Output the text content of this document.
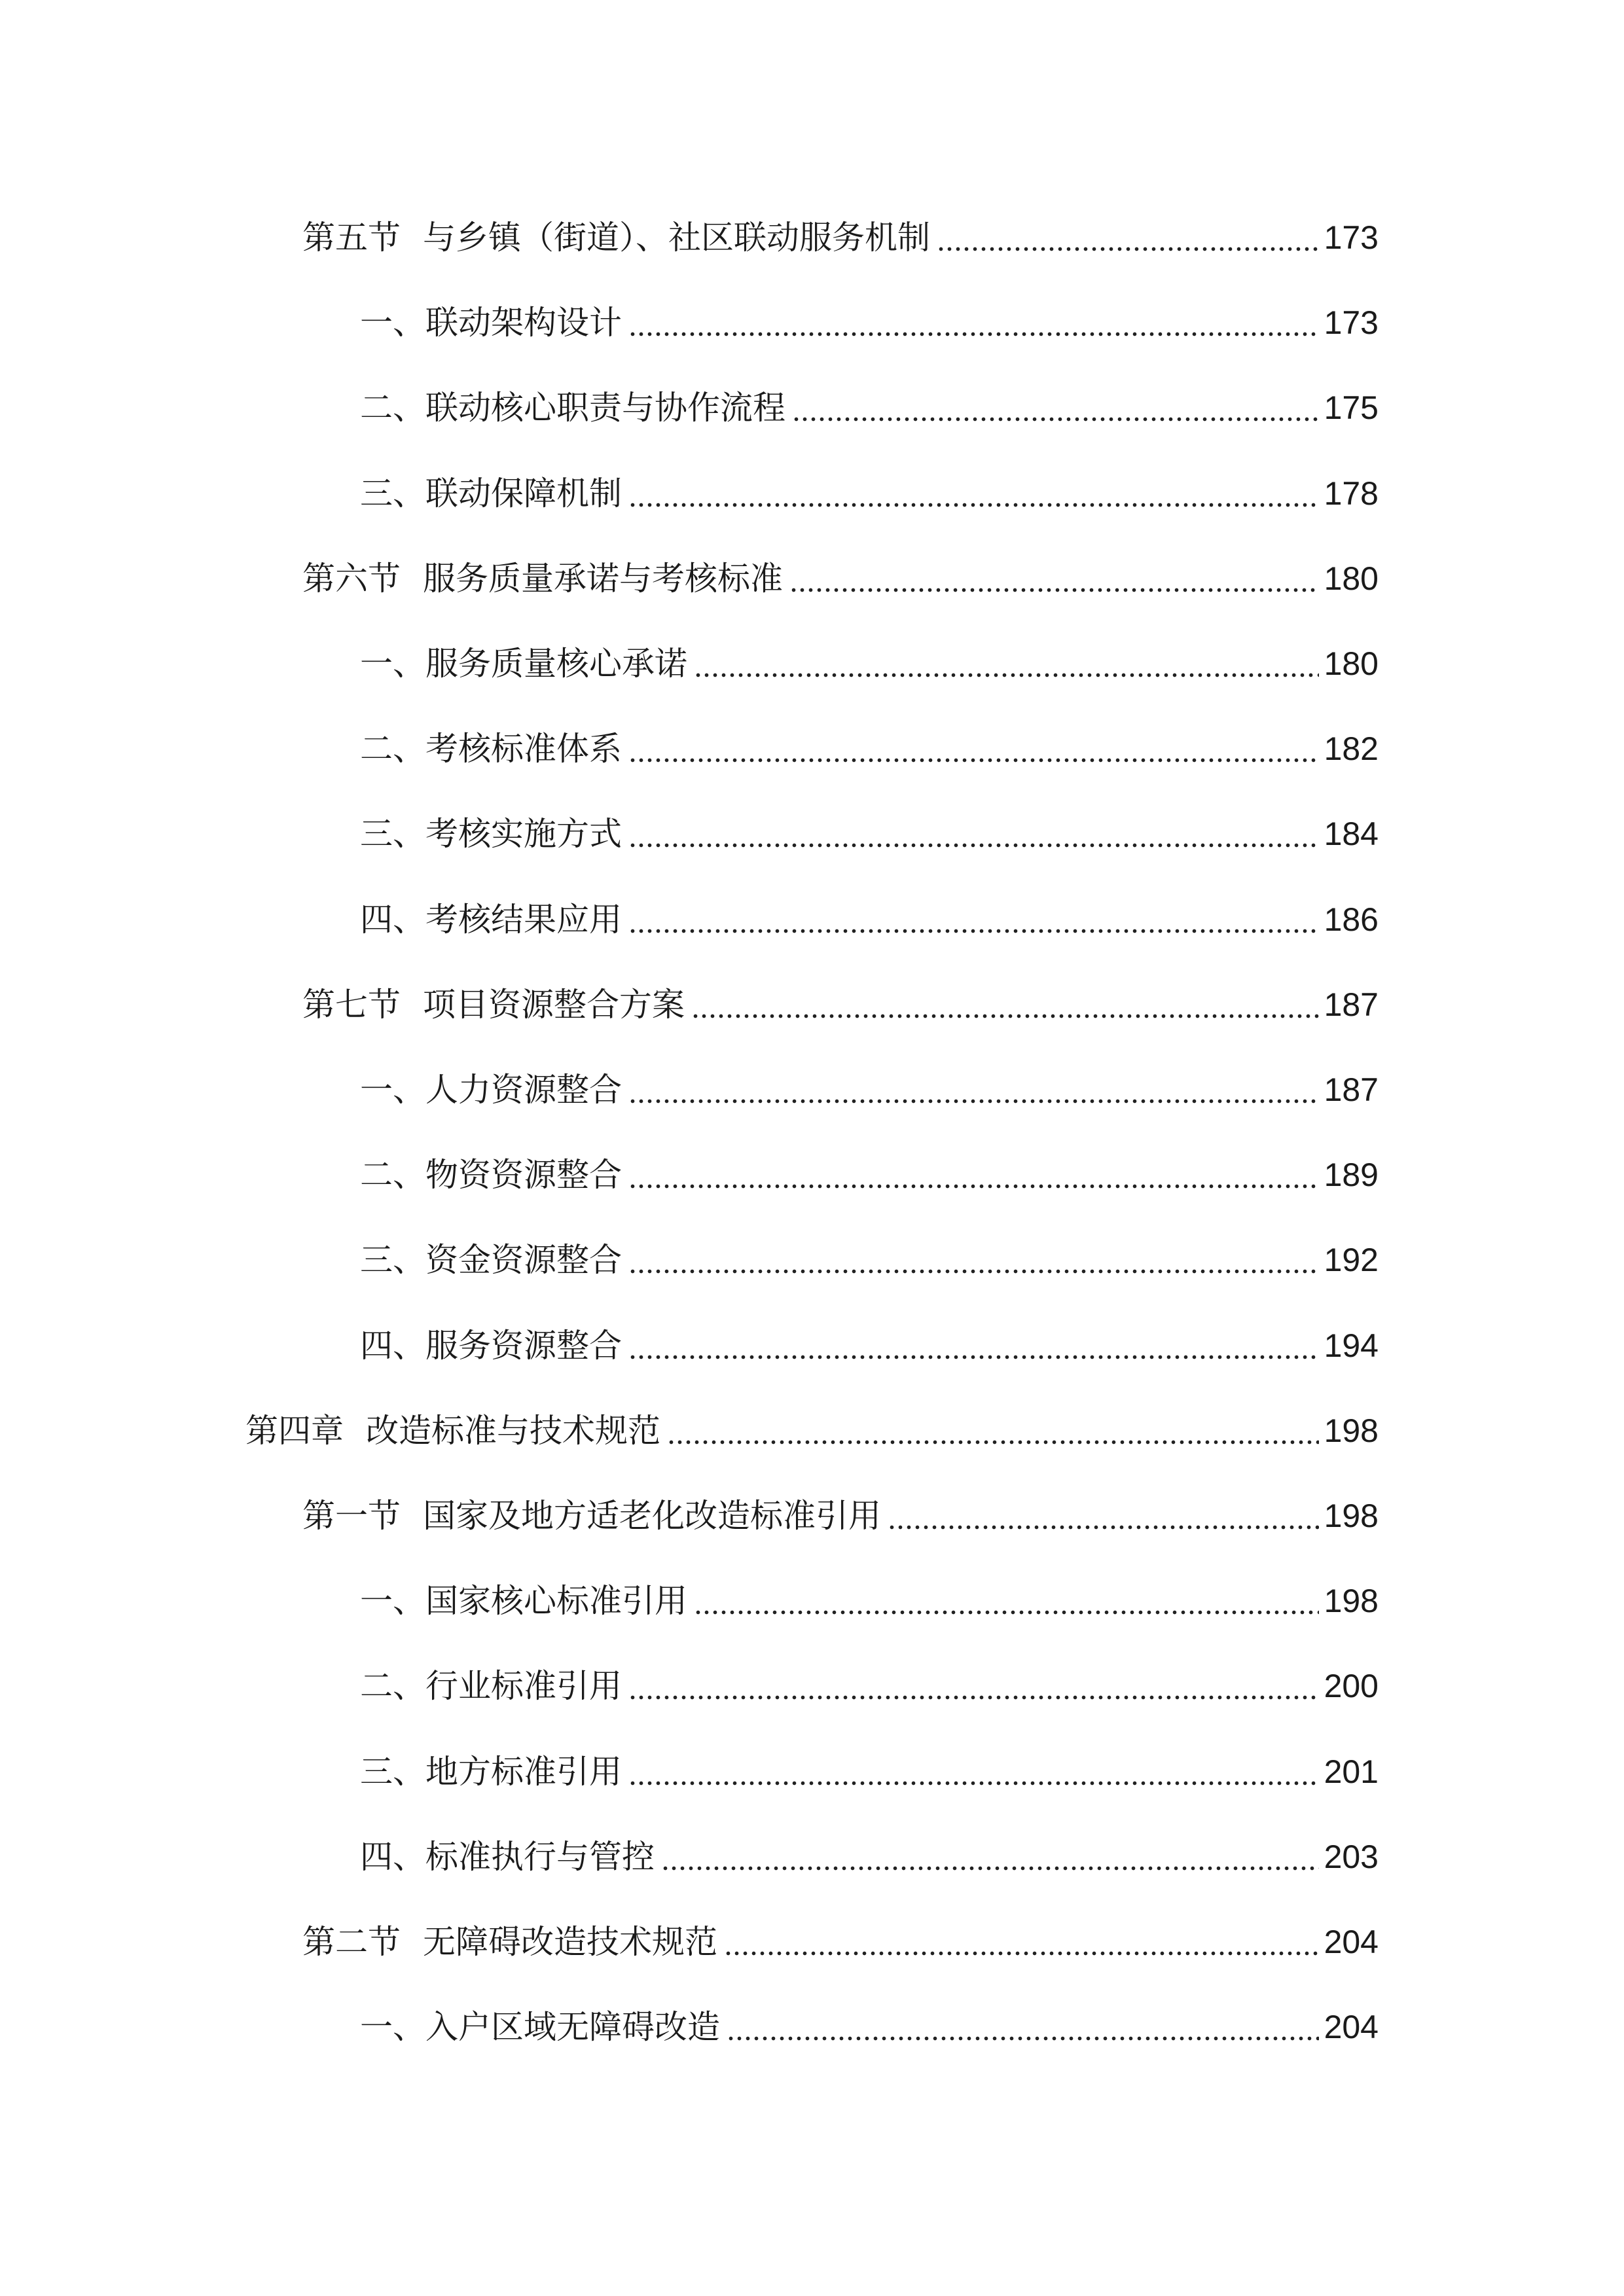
第五节 与乡镇（街道）、社区联动服务机制	173
一、 联动架构设计	173
二、 联动核心职责与协作流程	175
三、 联动保障机制	178
第六节 服务质量承诺与考核标准	180
一、 服务质量核心承诺	180
二、 考核标准体系	182
三、 考核实施方式	184
四、 考核结果应用	186
第七节 项目资源整合方案	187
一、 人力资源整合	187
二、 物资资源整合	189
三、 资金资源整合	192
四、 服务资源整合	194
第四章 改造标准与技术规范	198
第一节 国家及地方适老化改造标准引用	198
一、 国家核心标准引用	198
二、 行业标准引用	200
三、 地方标准引用	201
四、 标准执行与管控	203
第二节 无障碍改造技术规范	204
一、 入户区域无障碍改造	204
